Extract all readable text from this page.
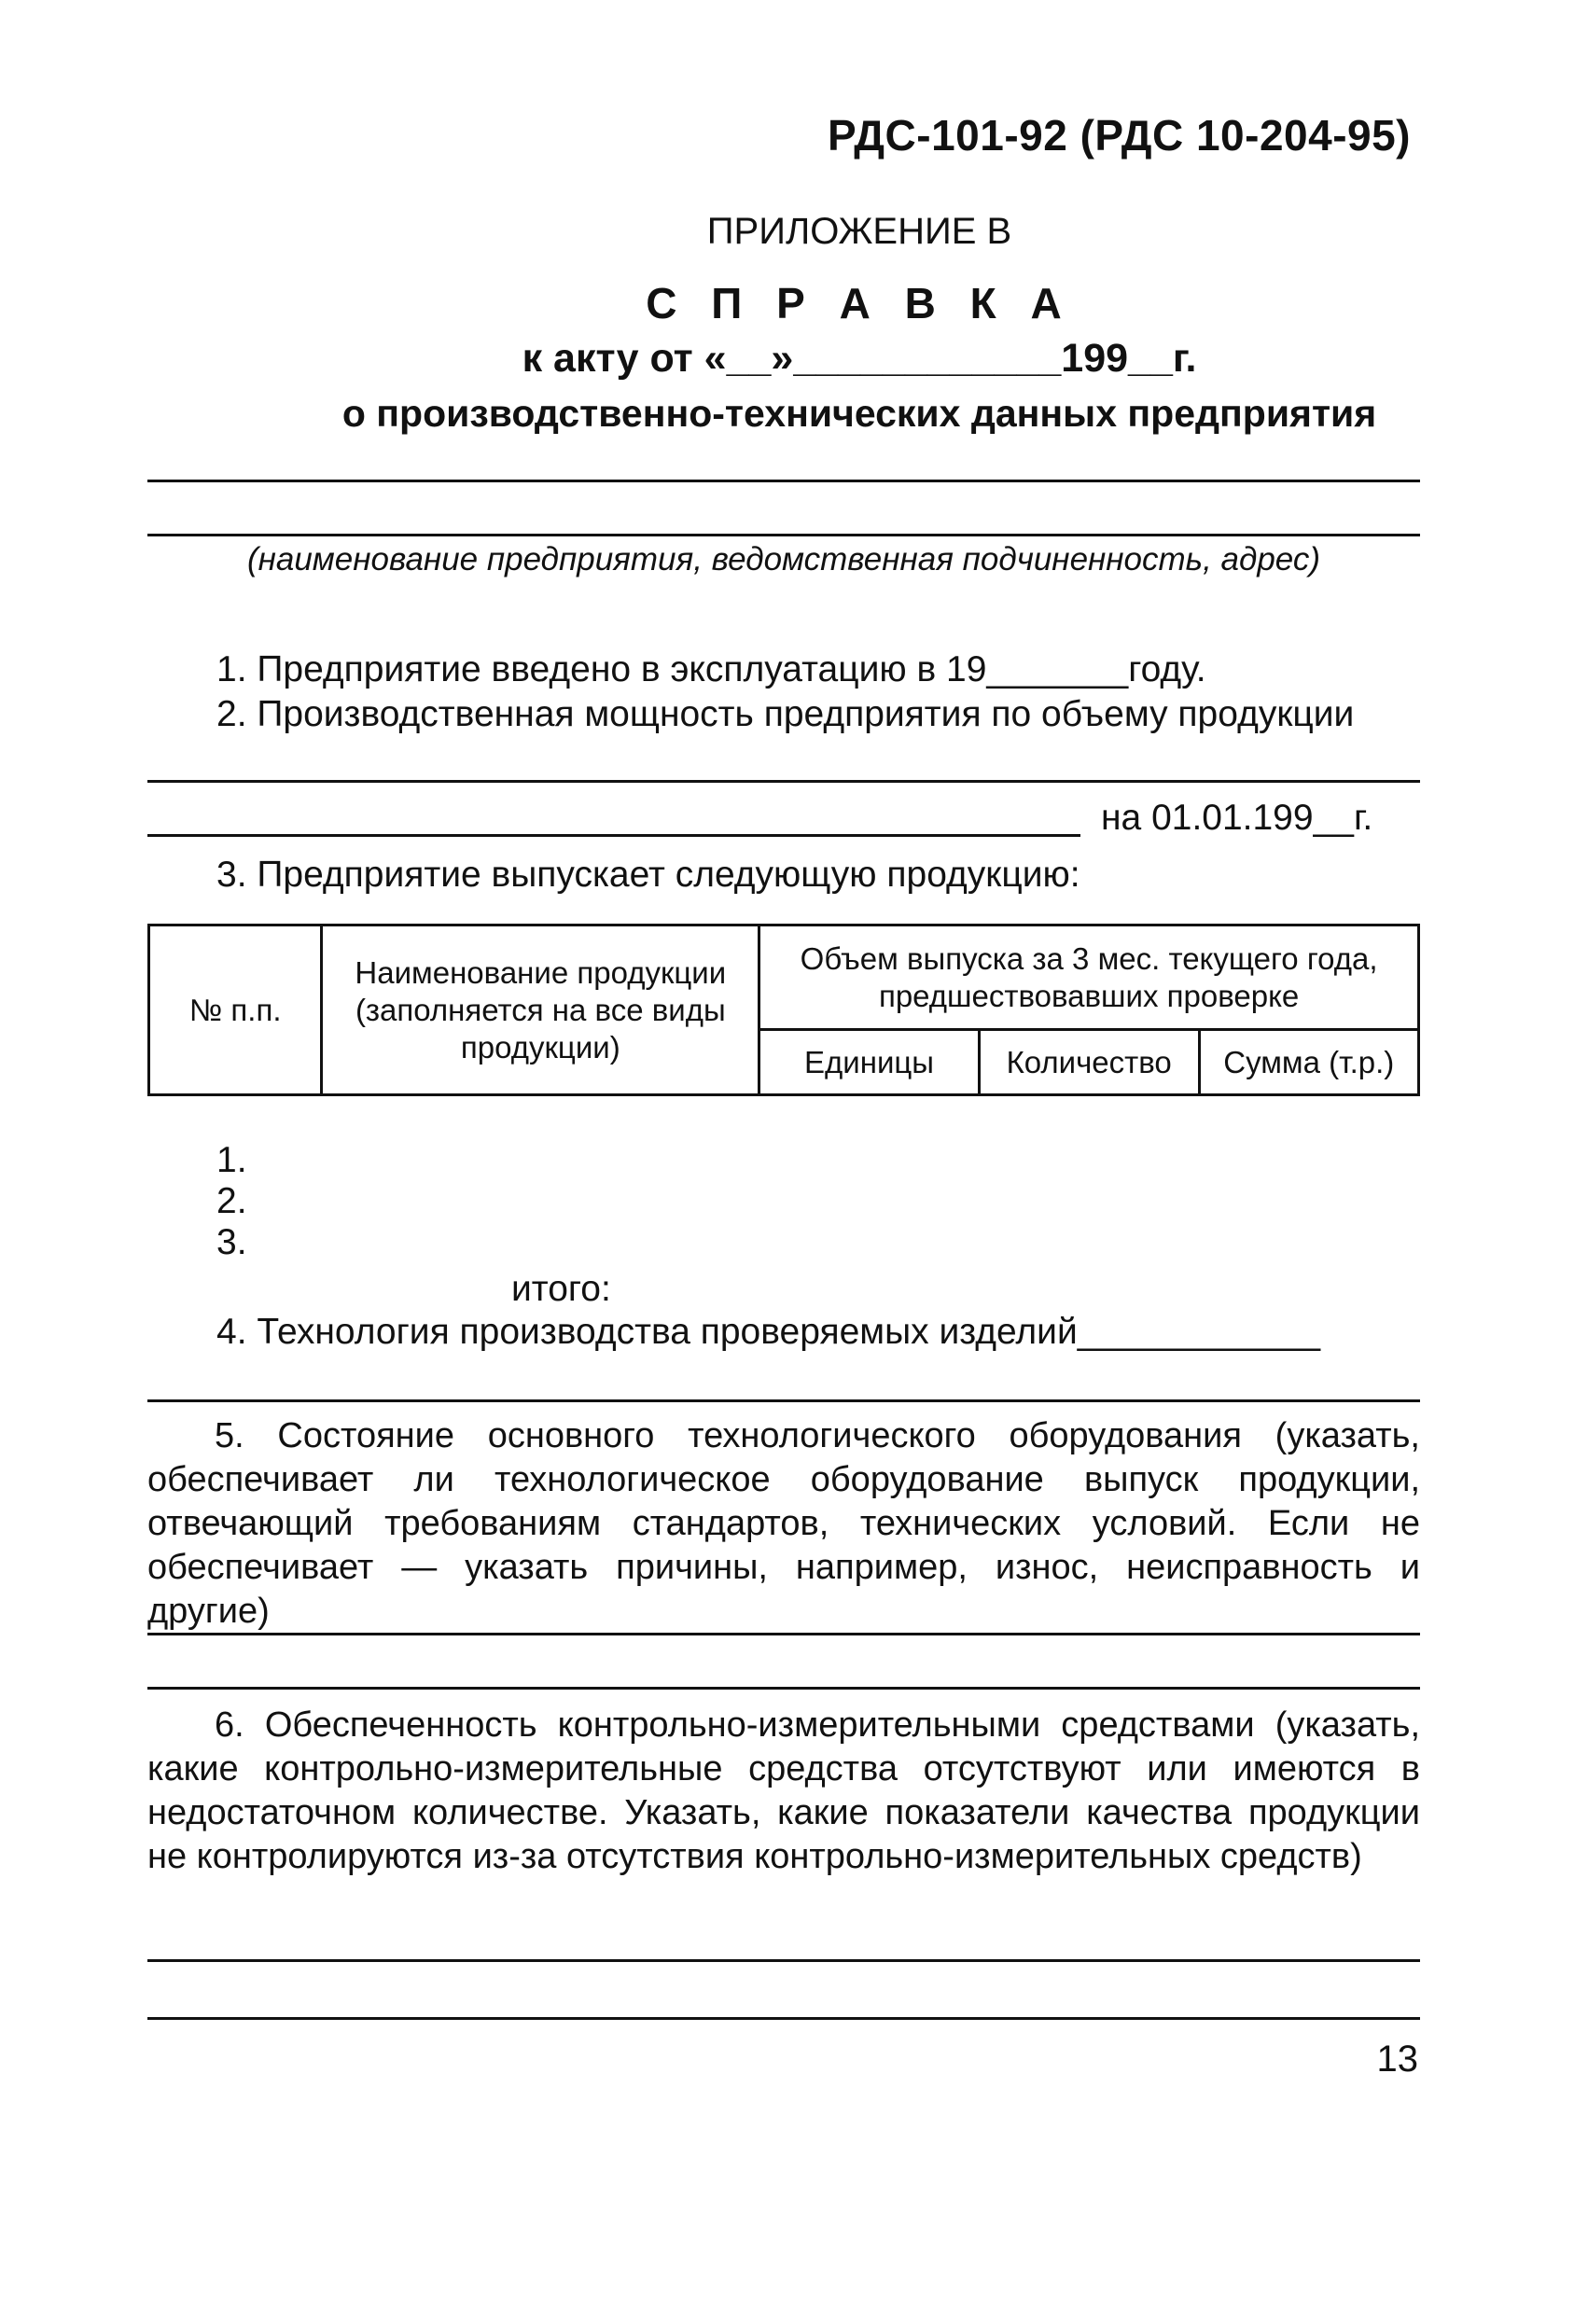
РДС-101-92 (РДС 10-204-95)
ПРИЛОЖЕНИЕ В
С П Р А В К А
к акту от «__»____________199__г.
о производственно-технических данных предприятия
(наименование предприятия, ведомственная подчиненность, адрес)
1. Предприятие введено в эксплуатацию в 19_______году.
2. Производственная мощность предприятия по объему продукции
на 01.01.199__г.
3. Предприятие выпускает следующую продукцию:
№ п.п.	Наименование продукции (заполняется на все виды продукции)	Объем выпуска за 3 мес. текущего года, предшествовавших проверке		
		Единицы	Количество	Сумма (т.р.)
1.
2.
3.
итого:
4. Технология производства проверяемых изделий____________
5. Состояние основного технологического оборудования (указать, обеспечивает ли технологическое оборудование выпуск продукции, отвечающий требованиям стандартов, технических условий. Если не обеспечивает — указать причины, например, износ, неисправность и другие)
6. Обеспеченность контрольно-измерительными средствами (указать, какие контрольно-измерительные средства отсутствуют или имеются в недостаточном количестве. Указать, какие показатели качества продукции не контролируются из-за отсутствия контрольно-измерительных средств)
13
